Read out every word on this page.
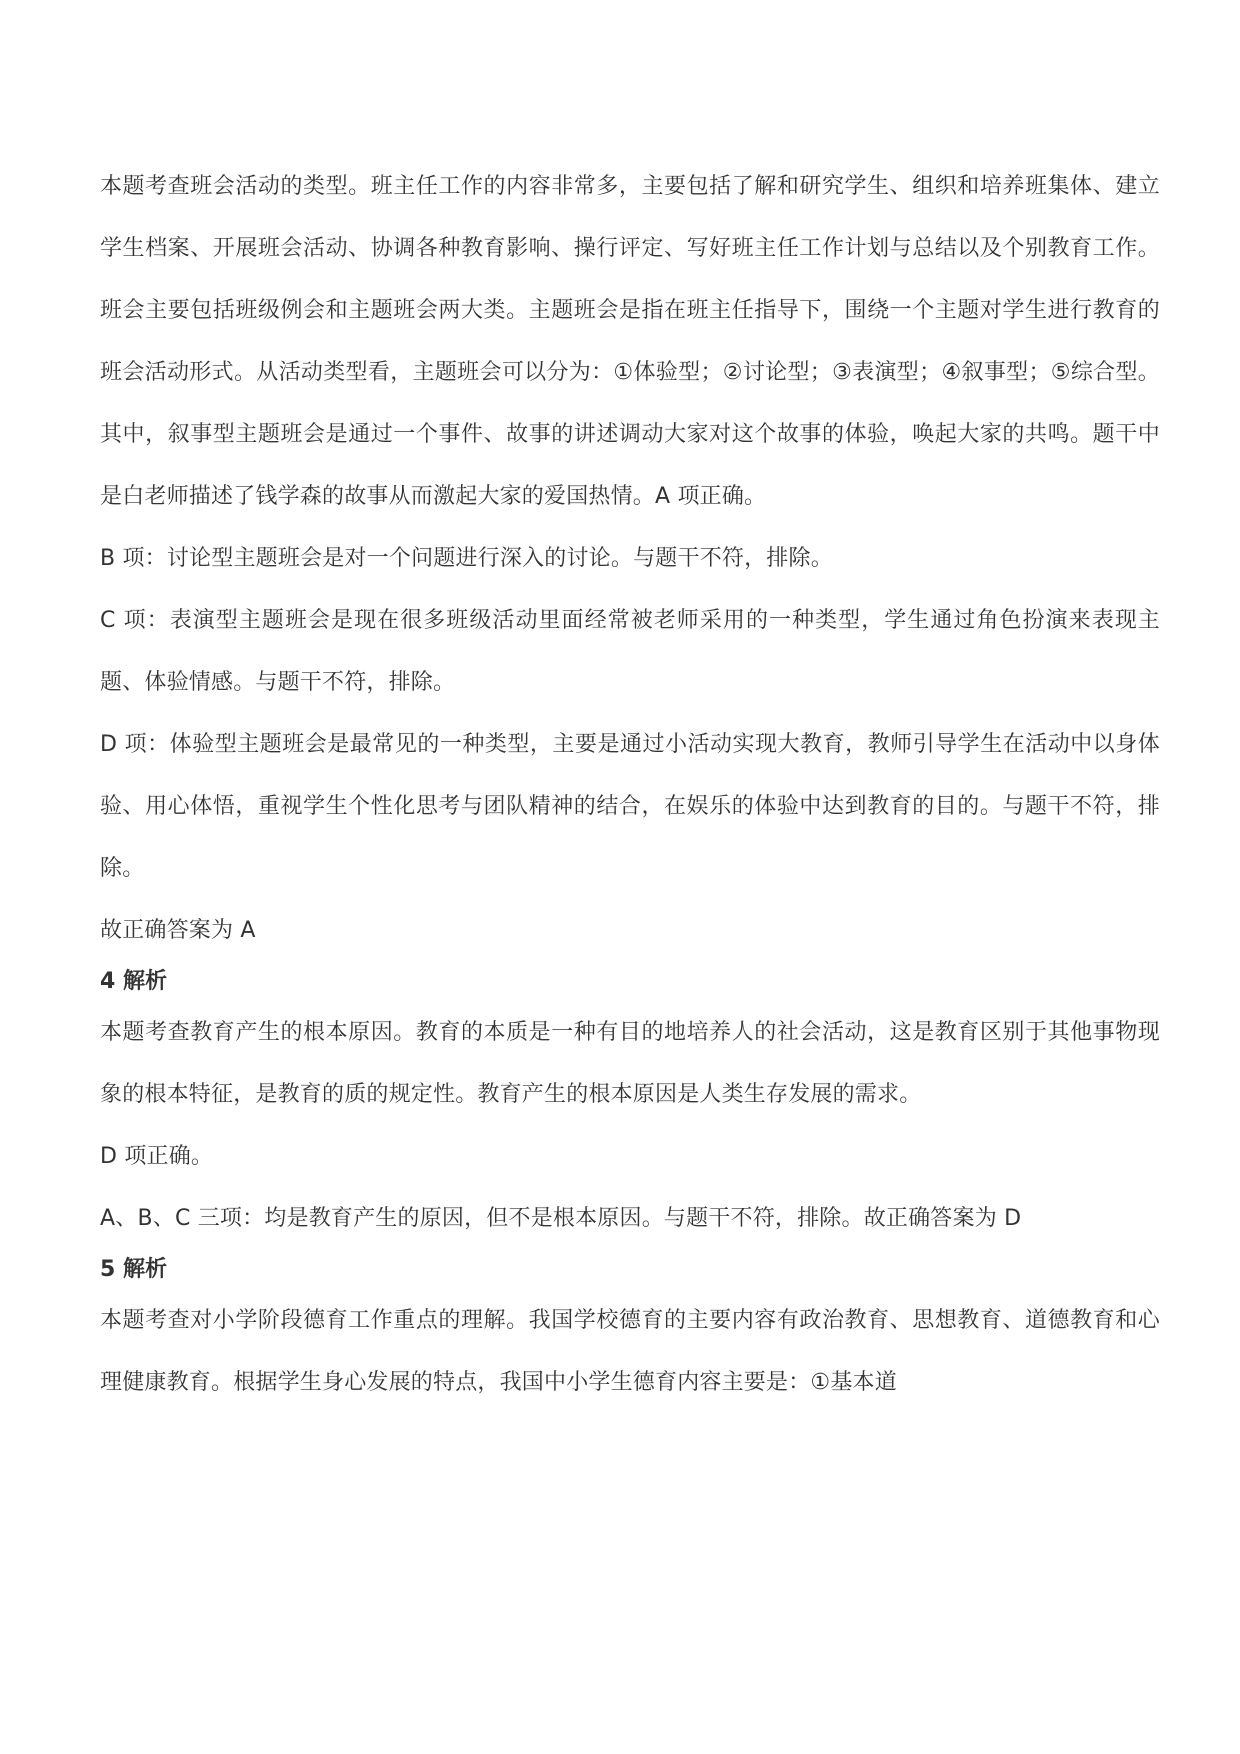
本题考查班会活动的类型。班主任工作的内容非常多，主要包括了解和研究学生、组织和培养班集体、建立学生档案、开展班会活动、协调各种教育影响、操行评定、写好班主任工作计划与总结以及个别教育工作。班会主要包括班级例会和主题班会两大类。主题班会是指在班主任指导下，围绕一个主题对学生进行教育的班会活动形式。从活动类型看，主题班会可以分为：①体验型；②讨论型；③表演型；④叙事型；⑤综合型。其中，叙事型主题班会是通过一个事件、故事的讲述调动大家对这个故事的体验，唤起大家的共鸣。题干中是白老师描述了钱学森的故事从而激起大家的爱国热情。A 项正确。

B 项：讨论型主题班会是对一个问题进行深入的讨论。与题干不符，排除。

C 项：表演型主题班会是现在很多班级活动里面经常被老师采用的一种类型，学生通过角色扮演来表现主题、体验情感。与题干不符，排除。

D 项：体验型主题班会是最常见的一种类型，主要是通过小活动实现大教育，教师引导学生在活动中以身体验、用心体悟，重视学生个性化思考与团队精神的结合，在娱乐的体验中达到教育的目的。与题干不符，排除。

故正确答案为 A

4 解析

本题考查教育产生的根本原因。教育的本质是一种有目的地培养人的社会活动，这是教育区别于其他事物现象的根本特征，是教育的质的规定性。教育产生的根本原因是人类生存发展的需求。

D 项正确。

A、B、C 三项：均是教育产生的原因，但不是根本原因。与题干不符，排除。故正确答案为 D

5 解析

本题考查对小学阶段德育工作重点的理解。我国学校德育的主要内容有政治教育、思想教育、道德教育和心理健康教育。根据学生身心发展的特点，我国中小学生德育内容主要是：①基本道
